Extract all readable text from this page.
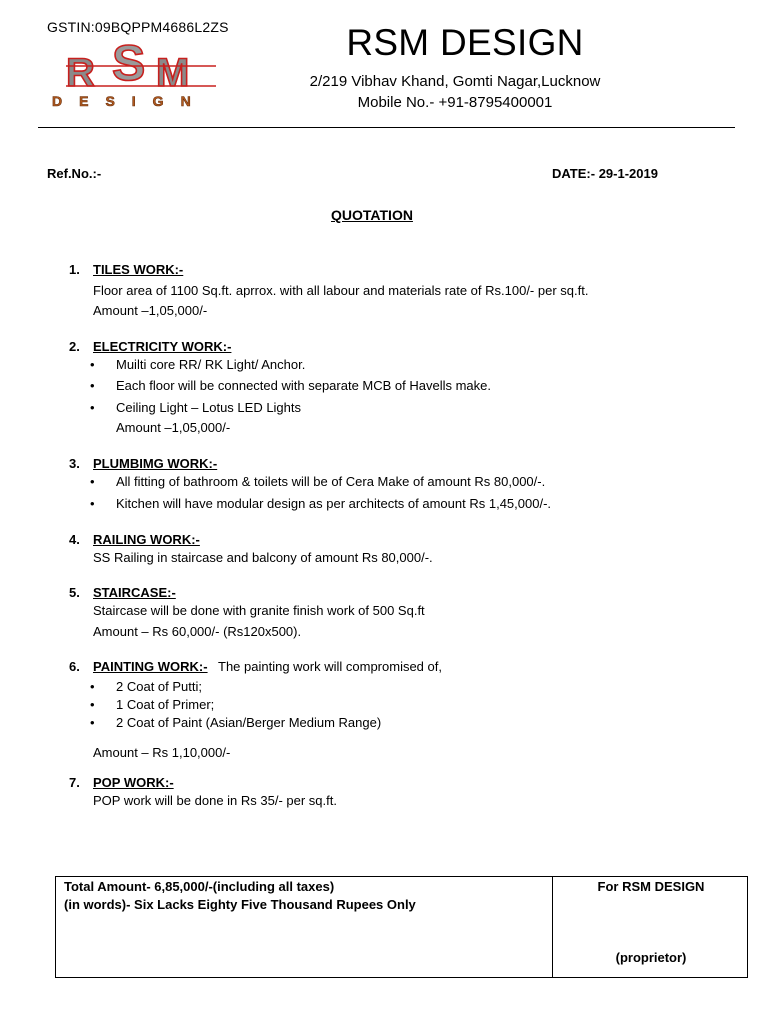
GSTIN:09BQPPM4686L2ZS
R S M
DESIGN
RSM DESIGN
2/219 Vibhav Khand, Gomti Nagar,Lucknow
Mobile No.- +91-8795400001
Ref.No.:-	DATE:- 29-1-2019
QUOTATION
1.	TILES WORK:-
Floor area of 1100 Sq.ft. aprrox. with all labour and materials rate of Rs.100/- per sq.ft.
Amount –1,05,000/-
2.	ELECTRICITY WORK:-
• Muilti core RR/ RK Light/ Anchor.
• Each floor will be connected with separate MCB of Havells make.
• Ceiling Light – Lotus LED Lights
Amount –1,05,000/-
3.	PLUMBIMG WORK:-
• All fitting of bathroom & toilets will be of Cera Make of amount Rs 80,000/-.
• Kitchen will have modular design as per architects of amount Rs 1,45,000/-.
4.	RAILING WORK:-
SS Railing in staircase and balcony of amount Rs 80,000/-.
5.	STAIRCASE:-
Staircase will be done with granite finish work of 500 Sq.ft
Amount – Rs 60,000/- (Rs120x500).
6.	PAINTING WORK:- The painting work will compromised of,
• 2 Coat of Putti;
• 1 Coat of Primer;
• 2 Coat of Paint (Asian/Berger Medium Range)
Amount – Rs 1,10,000/-
7.	POP WORK:-
POP work will be done in Rs 35/- per sq.ft.
Total Amount- 6,85,000/-(including all taxes)
(in words)- Six Lacks Eighty Five Thousand Rupees Only
For RSM DESIGN
(proprietor)
